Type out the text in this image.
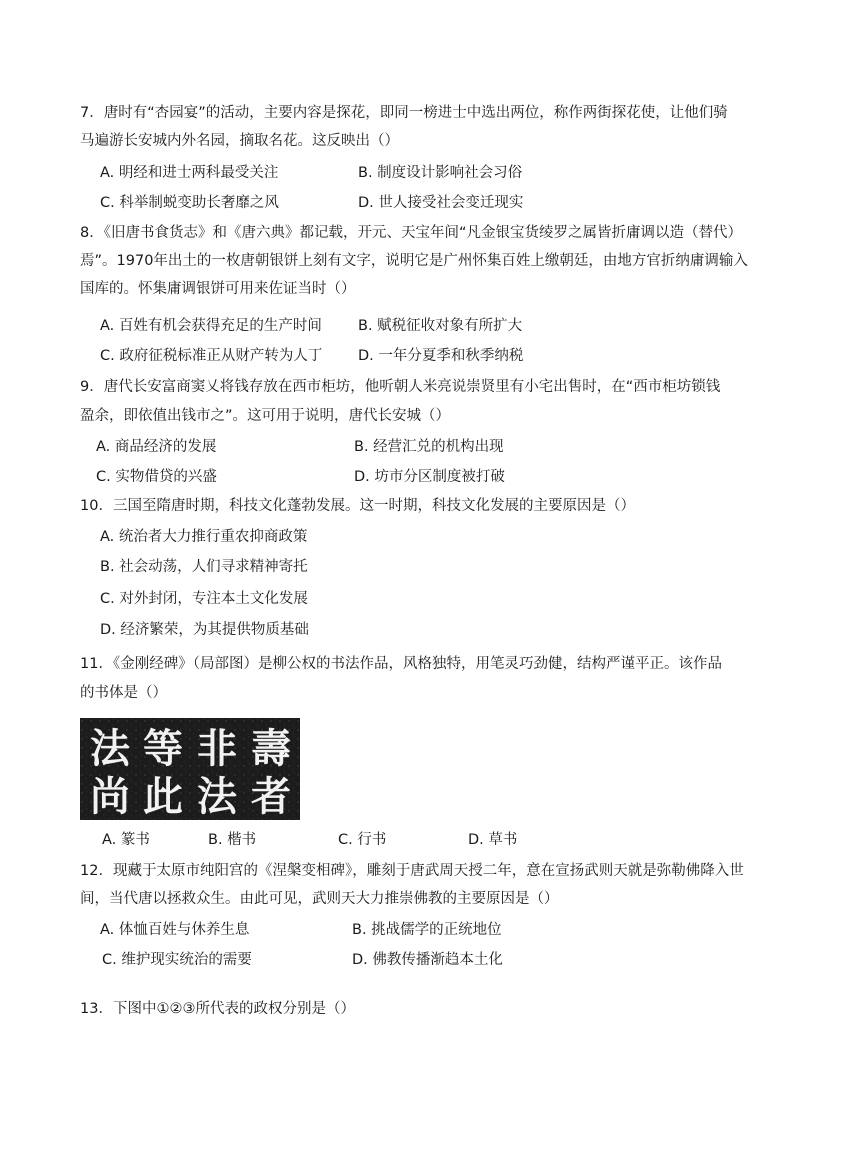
7．唐时有“杏园宴”的活动，主要内容是探花，即同一榜进士中选出两位，称作两街探花使，让他们骑
马遍游长安城内外名园，摘取名花。这反映出（）
A. 明经和进士两科最受关注	B. 制度设计影响社会习俗
C. 科举制蜕变助长奢靡之风	D. 世人接受社会变迁现实
8．《旧唐书食货志》和《唐六典》都记载，开元、天宝年间“凡金银宝货绫罗之属皆折庸调以造（替代）
焉”。1970年出土的一枚唐朝银饼上刻有文字，说明它是广州怀集百姓上缴朝廷，由地方官折纳庸调输入
国库的。怀集庸调银饼可用来佐证当时（）
A. 百姓有机会获得充足的生产时间 B. 赋税征收对象有所扩大
C. 政府征税标准正从财产转为人丁 D. 一年分夏季和秋季纳税
9．唐代长安富商窦乂将钱存放在西市柜坊，他听朝人米亮说崇贤里有小宅出售时，在“西市柜坊锁钱
盈余，即依值出钱市之”。这可用于说明，唐代长安城（）
A. 商品经济的发展	B. 经营汇兑的机构出现
C. 实物借贷的兴盛	D. 坊市分区制度被打破
10．三国至隋唐时期，科技文化蓬勃发展。这一时期，科技文化发展的主要原因是（）
A. 统治者大力推行重农抑商政策
B. 社会动荡，人们寻求精神寄托
C. 对外封闭，专注本土文化发展
D. 经济繁荣，为其提供物质基础
11．《金刚经碑》（局部图）是柳公权的书法作品，风格独特，用笔灵巧劲健，结构严谨平正。该作品
的书体是（）
法 等 非 壽
尚 此 法 者
A. 篆书	B. 楷书	C. 行书	D. 草书
12．现藏于太原市纯阳宫的《涅槃变相碑》，雕刻于唐武周天授二年，意在宣扬武则天就是弥勒佛降入世
间，当代唐以拯救众生。由此可见，武则天大力推崇佛教的主要原因是（）
A. 体恤百姓与休养生息	B. 挑战儒学的正统地位
C. 维护现实统治的需要	D. 佛教传播渐趋本土化
13．下图中①②③所代表的政权分别是（）
